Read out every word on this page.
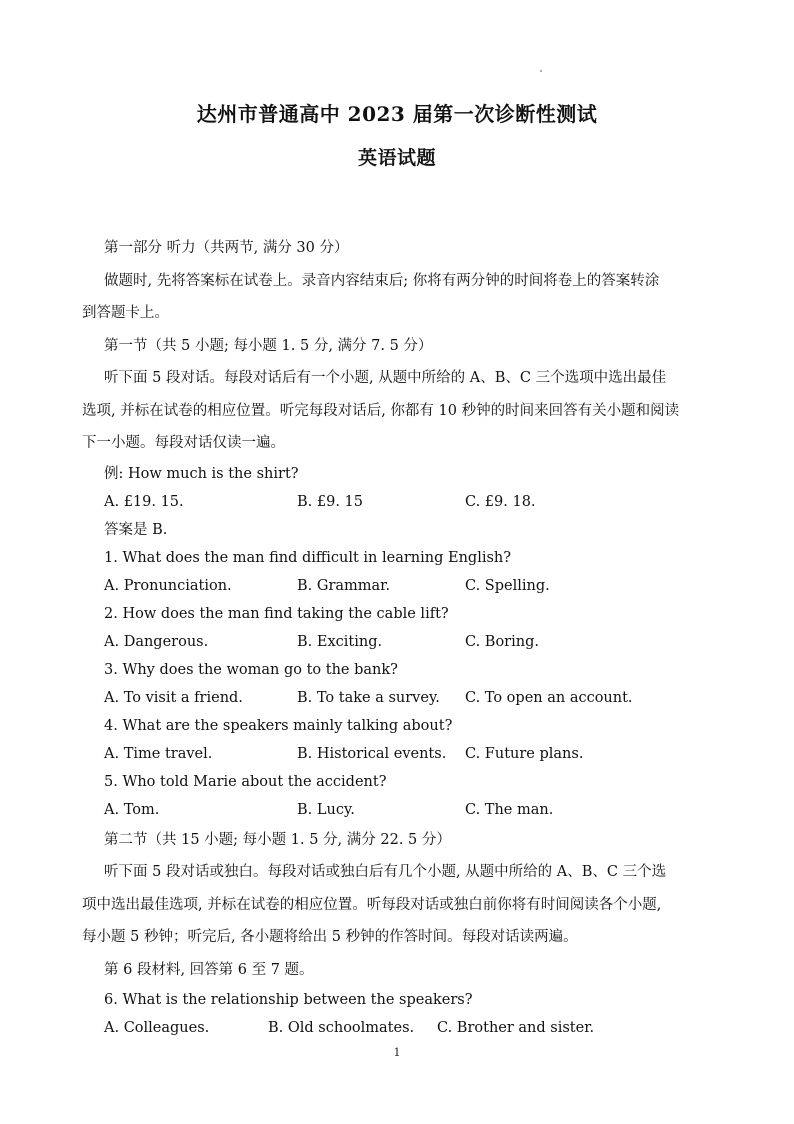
达州市普通高中 2023 届第一次诊断性测试
英语试题
第一部分 听力（共两节, 满分 30 分）
做题时, 先将答案标在试卷上。录音内容结束后; 你将有两分钟的时间将卷上的答案转涂
到答题卡上。
第一节（共 5 小题; 每小题 1. 5 分, 满分 7. 5 分）
听下面 5 段对话。每段对话后有一个小题, 从题中所给的 A、B、C 三个选项中选出最佳
选项, 并标在试卷的相应位置。听完每段对话后, 你都有 10 秒钟的时间来回答有关小题和阅读
下一小题。每段对话仅读一遍。
例: How much is the shirt?
A. £19. 15.	B. £9. 15	C. £9. 18.
答案是 B.
1. What does the man find difficult in learning English?
A. Pronunciation.	B. Grammar.	C. Spelling.
2. How does the man find taking the cable lift?
A. Dangerous.	B. Exciting.	C. Boring.
3. Why does the woman go to the bank?
A. To visit a friend.	B. To take a survey.	C. To open an account.
4. What are the speakers mainly talking about?
A. Time travel.	B. Historical events.	C. Future plans.
5. Who told Marie about the accident?
A. Tom.	B. Lucy.	C. The man.
第二节（共 15 小题; 每小题 1. 5 分, 满分 22. 5 分）
听下面 5 段对话或独白。每段对话或独白后有几个小题, 从题中所给的 A、B、C 三个选
项中选出最佳选项, 并标在试卷的相应位置。听每段对话或独白前你将有时间阅读各个小题,
每小题 5 秒钟；听完后, 各小题将给出 5 秒钟的作答时间。每段对话读两遍。
第 6 段材料, 回答第 6 至 7 题。
6. What is the relationship between the speakers?
A. Colleagues.	B. Old schoolmates.	C. Brother and sister.
1
